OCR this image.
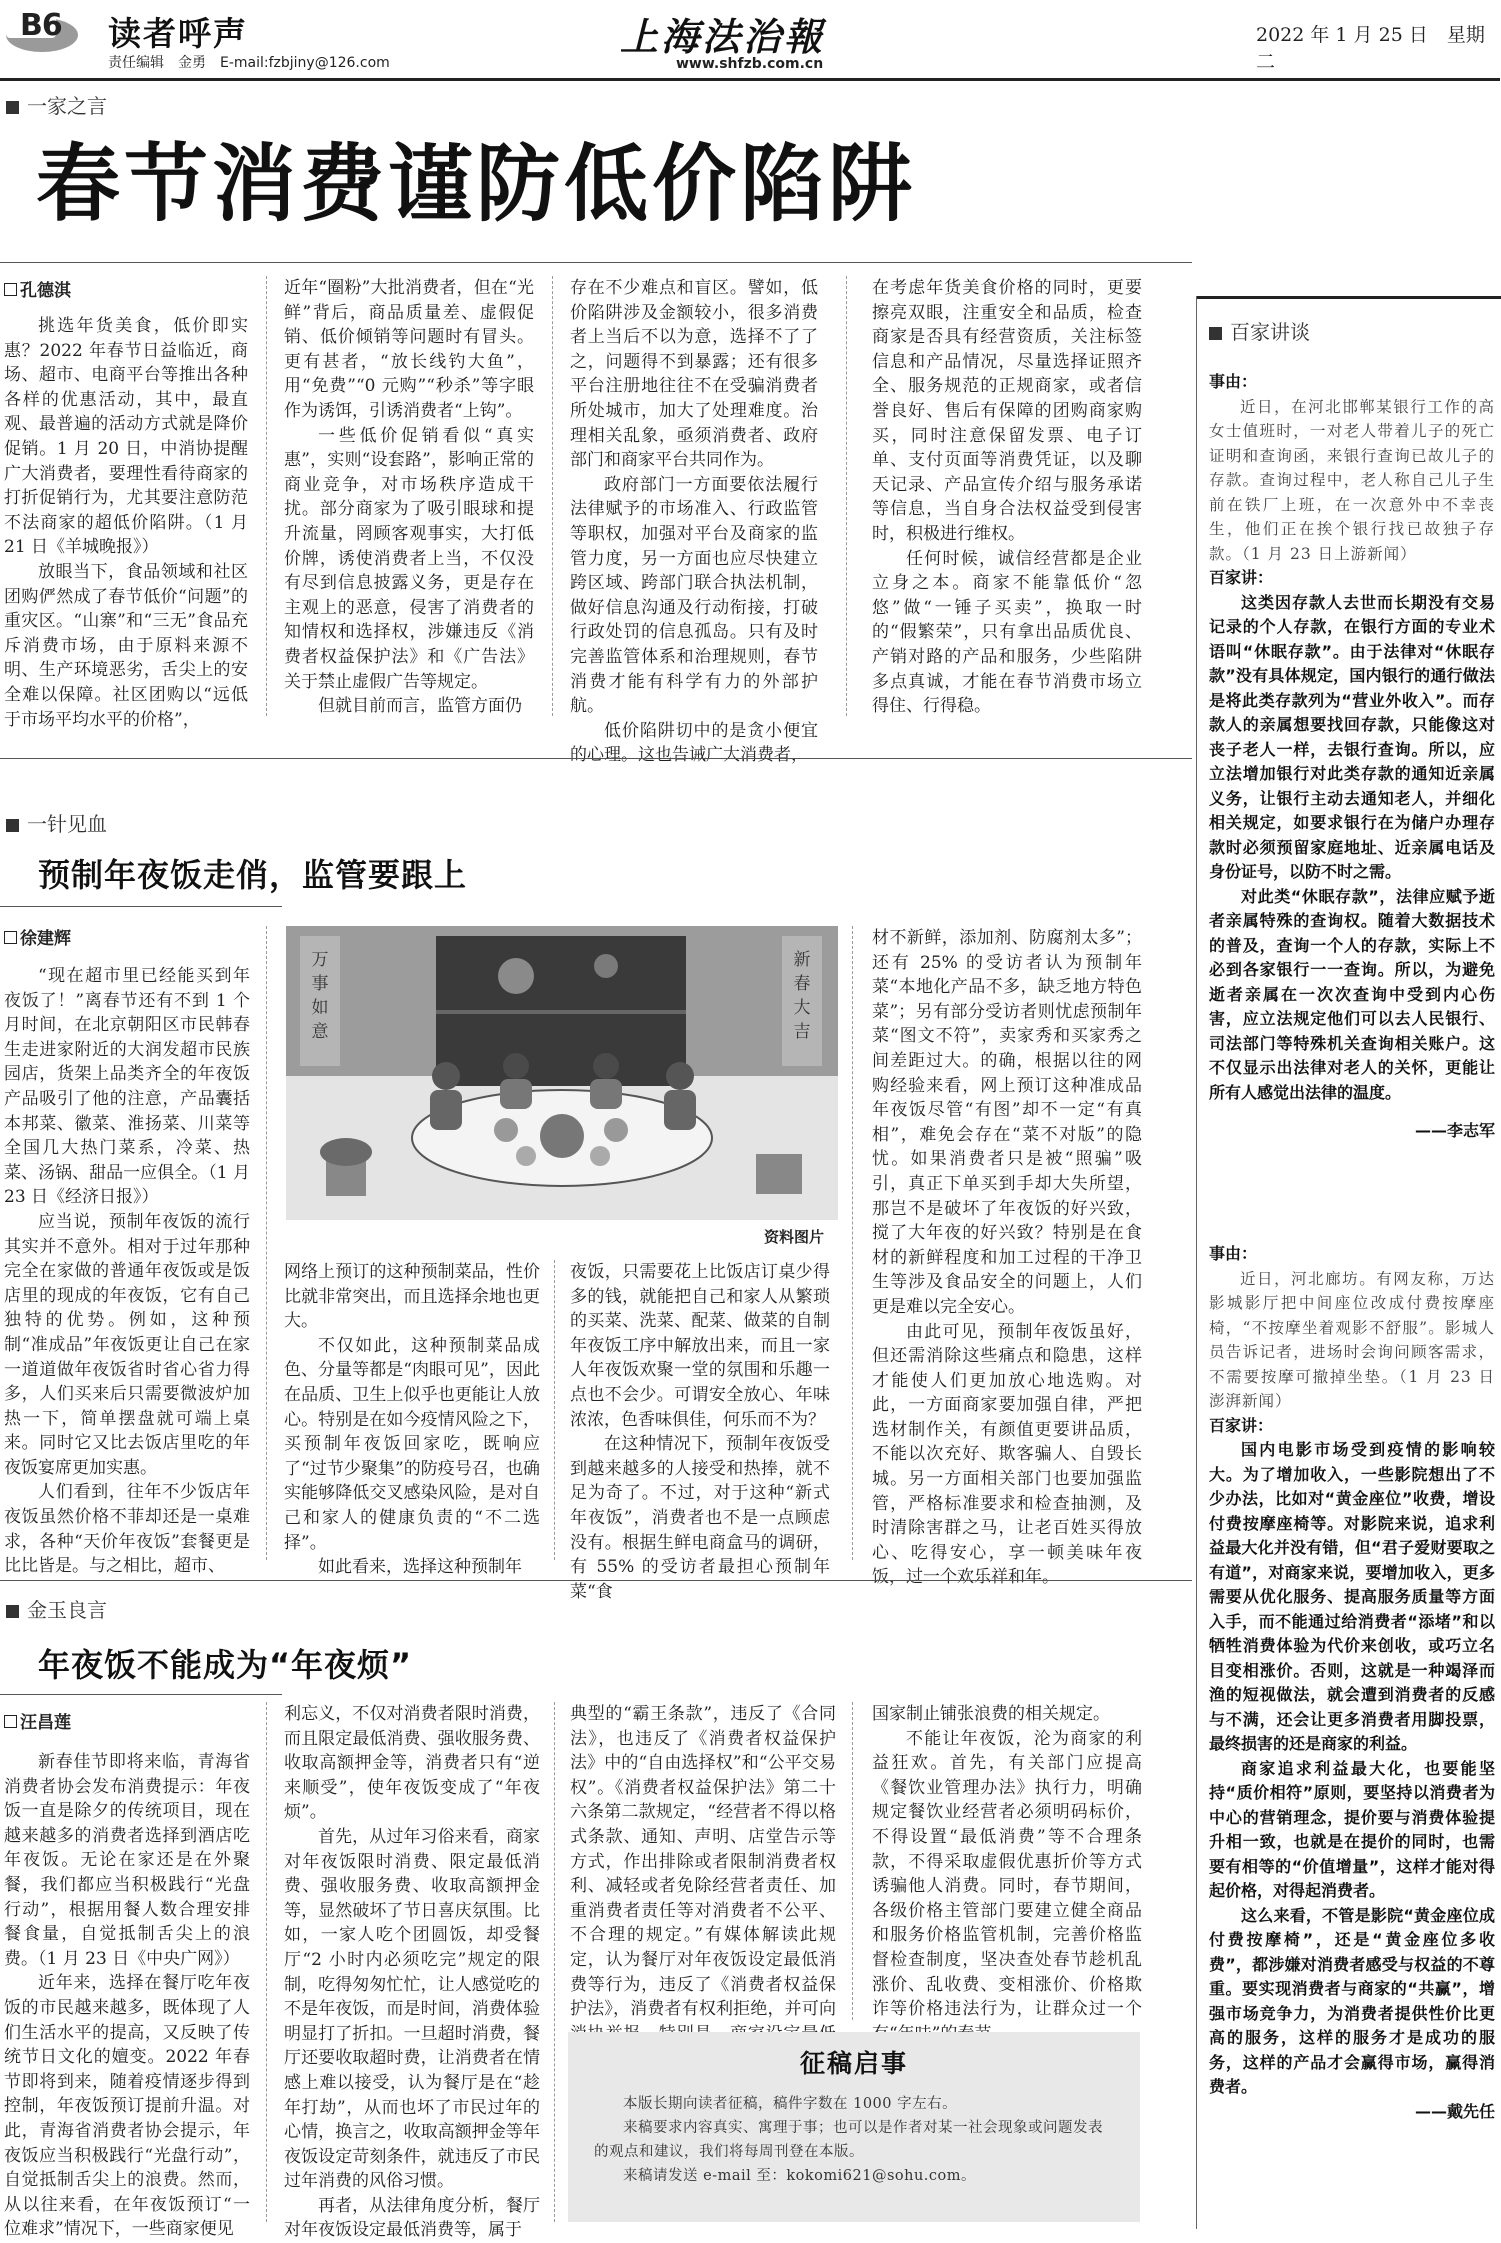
B6 读者呼声
责任编辑　金勇　E-mail:fzbjiny@126.com
上海法治報
www.shfzb.com.cn
2022 年 1 月 25 日　星期二
一家之言
春节消费谨防低价陷阱
孔德淇

挑选年货美食，低价即实惠？2022 年春节日益临近，商场、超市、电商平台等推出各种各样的优惠活动，其中，最直观、最普遍的活动方式就是降价促销。1 月 20 日，中消协提醒广大消费者，要理性看待商家的打折促销行为，尤其要注意防范不法商家的超低价陷阱。（1 月 21 日《羊城晚报》）

放眼当下，食品领域和社区团购俨然成了春节低价“问题”的重灾区。“山寨”和“三无”食品充斥消费市场，由于原料来源不明、生产环境恶劣，舌尖上的安全难以保障。社区团购以“远低于市场平均水平的价格”，

近年“圈粉”大批消费者，但在“光鲜”背后，商品质量差、虚假促销、低价倾销等问题时有冒头。更有甚者，“放长线钓大鱼”，用“免费”“0 元购”“秒杀”等字眼作为诱饵，引诱消费者“上钩”。

一些低价促销看似“真实惠”，实则“设套路”，影响正常的商业竞争，对市场秩序造成干扰。部分商家为了吸引眼球和提升流量，罔顾客观事实，大打低价牌，诱使消费者上当，不仅没有尽到信息披露义务，更是存在主观上的恶意，侵害了消费者的知情权和选择权，涉嫌违反《消费者权益保护法》和《广告法》关于禁止虚假广告等规定。

但就目前而言，监管方面仍

存在不少难点和盲区。譬如，低价陷阱涉及金额较小，很多消费者上当后不以为意，选择不了了之，问题得不到暴露；还有很多平台注册地往往不在受骗消费者所处城市，加大了处理难度。治理相关乱象，亟须消费者、政府部门和商家平台共同作为。

政府部门一方面要依法履行法律赋予的市场准入、行政监管等职权，加强对平台及商家的监管力度，另一方面也应尽快建立跨区域、跨部门联合执法机制，做好信息沟通及行动衔接，打破行政处罚的信息孤岛。只有及时完善监管体系和治理规则，春节消费才能有科学有力的外部护航。

低价陷阱切中的是贪小便宜的心理。这也告诫广大消费者，

在考虑年货美食价格的同时，更要擦亮双眼，注重安全和品质，检查商家是否具有经营资质，关注标签信息和产品情况，尽量选择证照齐全、服务规范的正规商家，或者信誉良好、售后有保障的团购商家购买，同时注意保留发票、电子订单、支付页面等消费凭证，以及聊天记录、产品宣传介绍与服务承诺等信息，当自身合法权益受到侵害时，积极进行维权。

任何时候，诚信经营都是企业立身之本。商家不能靠低价“忽悠”做“一锤子买卖”，换取一时的“假繁荣”，只有拿出品质优良、产销对路的产品和服务，少些陷阱多点真诚，才能在春节消费市场立得住、行得稳。

一针见血
预制年夜饭走俏，监管要跟上
徐建辉

“现在超市里已经能买到年夜饭了！”离春节还有不到 1 个月时间，在北京朝阳区市民韩春生走进家附近的大润发超市民族园店，货架上品类齐全的年夜饭产品吸引了他的注意，产品囊括本邦菜、徽菜、淮扬菜、川菜等全国几大热门菜系，冷菜、热菜、汤锅、甜品一应俱全。（1 月 23 日《经济日报》）

应当说，预制年夜饭的流行其实并不意外。相对于过年那种完全在家做的普通年夜饭或是饭店里的现成的年夜饭，它有自己独特的优势。例如，这种预制“准成品”年夜饭更让自己在家一道道做年夜饭省时省心省力得多，人们买来后只需要微波炉加热一下，简单摆盘就可端上桌来。同时它又比去饭店里吃的年夜饭宴席更加实惠。

人们看到，往年不少饭店年夜饭虽然价格不菲却还是一桌难求，各种“天价年夜饭”套餐更是比比皆是。与之相比，超市、

万事如意
新春大吉
资料图片

网络上预订的这种预制菜品，性价比就非常突出，而且选择余地也更大。

不仅如此，这种预制菜品成色、分量等都是“肉眼可见”，因此在品质、卫生上似乎也更能让人放心。特别是在如今疫情风险之下，买预制年夜饭回家吃，既响应了“过节少聚集”的防疫号召，也确实能够降低交叉感染风险，是对自己和家人的健康负责的“不二选择”。

如此看来，选择这种预制年

夜饭，只需要花上比饭店订桌少得多的钱，就能把自己和家人从繁琐的买菜、洗菜、配菜、做菜的自制年夜饭工序中解放出来，而且一家人年夜饭欢聚一堂的氛围和乐趣一点也不会少。可谓安全放心、年味浓浓，色香味俱佳，何乐而不为？

在这种情况下，预制年夜饭受到越来越多的人接受和热捧，就不足为奇了。不过，对于这种“新式年夜饭”，消费者也不是一点顾虑没有。根据生鲜电商盒马的调研，有 55% 的受访者最担心预制年菜“食

材不新鲜，添加剂、防腐剂太多”；还有 25% 的受访者认为预制年菜“本地化产品不多，缺乏地方特色菜”；另有部分受访者则忧虑预制年菜“图文不符”，卖家秀和买家秀之间差距过大。的确，根据以往的网购经验来看，网上预订这种准成品年夜饭尽管“有图”却不一定“有真相”，难免会存在“菜不对版”的隐忧。如果消费者只是被“照骗”吸引，真正下单买到手却大失所望，那岂不是破坏了年夜饭的好兴致，搅了大年夜的好兴致？特别是在食材的新鲜程度和加工过程的干净卫生等涉及食品安全的问题上，人们更是难以完全安心。

由此可见，预制年夜饭虽好，但还需消除这些痛点和隐患，这样才能使人们更加放心地选购。对此，一方面商家要加强自律，严把选材制作关，有颜值更要讲品质，不能以次充好、欺客骗人、自毁长城。另一方面相关部门也要加强监管，严格标准要求和检查抽测，及时清除害群之马，让老百姓买得放心、吃得安心，享一顿美味年夜饭，过一个欢乐祥和年。

金玉良言
年夜饭不能成为“年夜烦”
汪昌莲

新春佳节即将来临，青海省消费者协会发布消费提示：年夜饭一直是除夕的传统项目，现在越来越多的消费者选择到酒店吃年夜饭。无论在家还是在外聚餐，我们都应当积极践行“光盘行动”，根据用餐人数合理安排餐食量，自觉抵制舌尖上的浪费。（1 月 23 日《中央广网》）

近年来，选择在餐厅吃年夜饭的市民越来越多，既体现了人们生活水平的提高，又反映了传统节日文化的嬗变。2022 年春节即将到来，随着疫情逐步得到控制，年夜饭预订提前升温。对此，青海省消费者协会提示，年夜饭应当积极践行“光盘行动”，自觉抵制舌尖上的浪费。然而，从以往来看，在年夜饭预订“一位难求”情况下，一些商家便见

利忘义，不仅对消费者限时消费，而且限定最低消费、强收服务费、收取高额押金等，消费者只有“逆来顺受”，使年夜饭变成了“年夜烦”。

首先，从过年习俗来看，商家对年夜饭限时消费、限定最低消费、强收服务费、收取高额押金等，显然破坏了节日喜庆氛围。比如，一家人吃个团圆饭，却受餐厅“2 小时内必须吃完”规定的限制，吃得匆匆忙忙，让人感觉吃的不是年夜饭，而是时间，消费体验明显打了折扣。一旦超时消费，餐厅还要收取超时费，让消费者在情感上难以接受，认为餐厅是在“趁年打劫”，从而也坏了市民过年的心情，换言之，收取高额押金等年夜饭设定苛刻条件，就违反了市民过年消费的风俗习惯。

再者，从法律角度分析，餐厅对年夜饭设定最低消费等，属于

典型的“霸王条款”，违反了《合同法》，也违反了《消费者权益保护法》中的“自由选择权”和“公平交易权”。《消费者权益保护法》第二十六条第二款规定，“经营者不得以格式条款、通知、声明、店堂告示等方式，作出排除或者限制消费者权利、减轻或者免除经营者责任、加重消费者责任等对消费者不公平、不合理的规定。”有媒体解读此规定，认为餐厅对年夜饭设定最低消费等行为，违反了《消费者权益保护法》，消费者有权利拒绝，并可向

国家制止铺张浪费的相关规定。

不能让年夜饭，沦为商家的利益狂欢。首先，有关部门应提高《餐饮业管理办法》执行力，明确规定餐饮业经营者必须明码标价，不得设置“最低消费”等不合理条款，不得采取虚假优惠折价等方式诱骗他人消费。同时，春节期间，各级价格主管部门要建立健全商品和服务价格监管机制，完善价格监督检查制度，坚决查处春节趁机乱涨价、乱收费、变相涨价、价格欺诈等价格违法行为，让群众过一个

征稿启事
本版长期向读者征稿，稿件字数在 1000 字左右。
来稿要求内容真实、寓理于事；也可以是作者对某一社会现象或问题发表的观点和建议，我们将每周刊登在本版。
来稿请发送 e-mail 至：kokomi621@sohu.com。
百家讲谈

事由：

近日，在河北邯郸某银行工作的高女士值班时，一对老人带着儿子的死亡证明和查询函，来银行查询已故儿子的存款。查询过程中，老人称自己儿子生前在铁厂上班，在一次意外中不幸丧生，他们正在挨个银行找已故独子存款。（1 月 23 日上游新闻）

百家讲：

这类因存款人去世而长期没有交易记录的个人存款，在银行方面的专业术语叫“休眠存款”。由于法律对“休眠存款”没有具体规定，国内银行的通行做法是将此类存款列为“营业外收入”。而存款人的亲属想要找回存款，只能像这对丧子老人一样，去银行查询。所以，应立法增加银行对此类存款的通知近亲属义务，让银行主动去通知老人，并细化相关规定，如要求银行在为储户办理存款时必须预留家庭地址、近亲属电话及身份证号，以防不时之需。

对此类“休眠存款”，法律应赋予逝者亲属特殊的查询权。随着大数据技术的普及，查询一个人的存款，实际上不必到各家银行一一查询。所以，为避免逝者亲属在一次次查询中受到内心伤害，应立法规定他们可以去人民银行、司法部门等特殊机关查询相关账户。这不仅显示出法律对老人的关怀，更能让所有人感觉出法律的温度。

——李志军

事由：

近日，河北廊坊。有网友称，万达影城影厅把中间座位改成付费按摩座椅，“不按摩坐着观影不舒服”。影城人员告诉记者，进场时会询问顾客需求，不需要按摩可撤掉坐垫。（1 月 23 日澎湃新闻）

百家讲：

国内电影市场受到疫情的影响较大。为了增加收入，一些影院想出了不少办法，比如对“黄金座位”收费，增设付费按摩座椅等。对影院来说，追求利益最大化并没有错，但“君子爱财要取之有道”，对商家来说，要增加收入，更多需要从优化服务、提高服务质量等方面入手，而不能通过给消费者“添堵”和以牺牲消费体验为代价来创收，或巧立名目变相涨价。否则，这就是一种竭泽而渔的短视做法，就会遭到消费者的反感与不满，还会让更多消费者用脚投票，最终损害的还是商家的利益。

商家追求利益最大化，也要能坚持“质价相符”原则，要坚持以消费者为中心的营销理念，提价要与消费体验提升相一致，也就是在提价的同时，也需要有相等的“价值增量”，这样才能对得起价格，对得起消费者。

这么来看，不管是影院“黄金座位成付费按摩椅”，还是“黄金座位多收费”，都涉嫌对消费者感受与权益的不尊重。要实现消费者与商家的“共赢”，增强市场竞争力，为消费者提供性价比更高的服务，这样的服务才是成功的服务，这样的产品才会赢得市场，赢得消费者。

——戴先任
